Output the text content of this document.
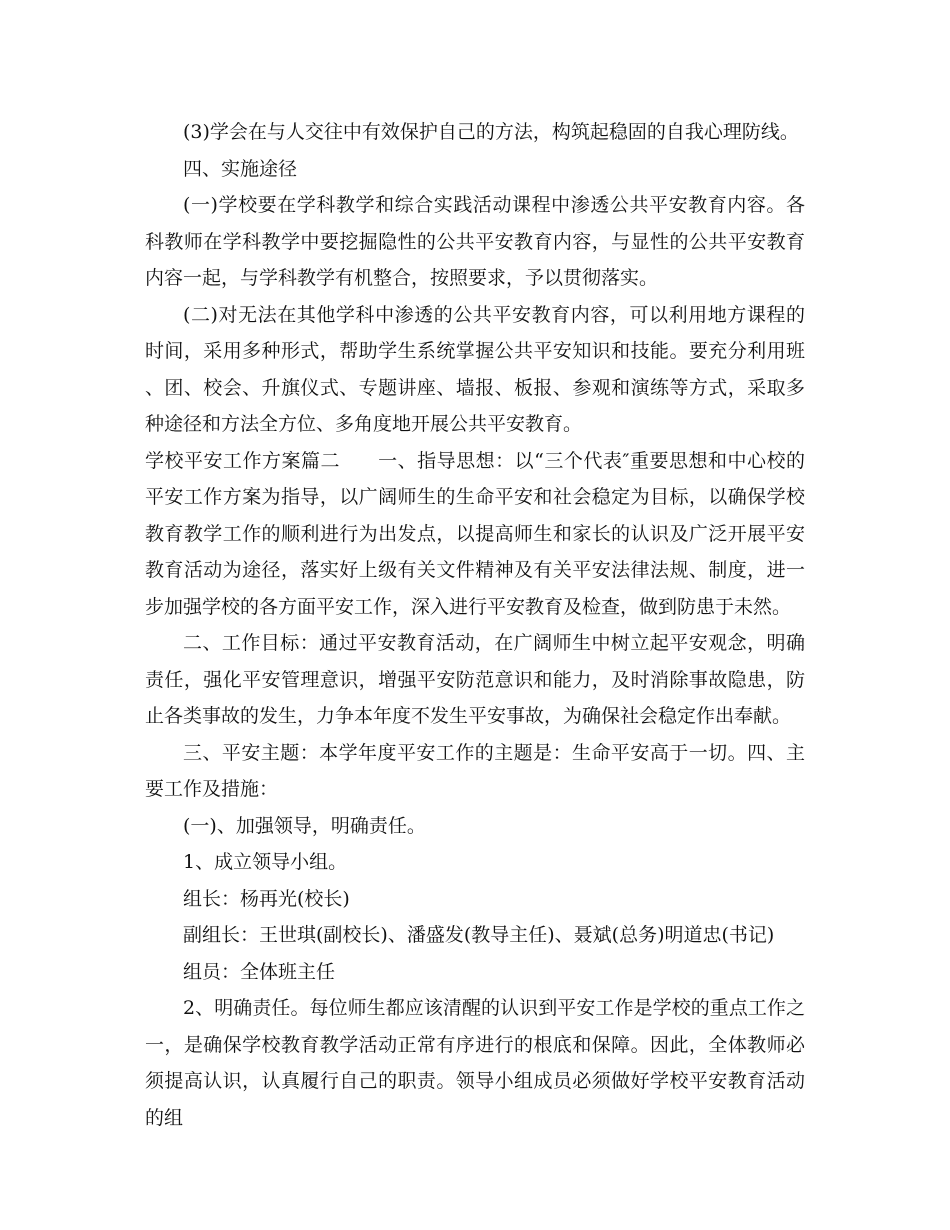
(3)学会在与人交往中有效保护自己的方法，构筑起稳固的自我心理防线。

四、实施途径

(一)学校要在学科教学和综合实践活动课程中渗透公共平安教育内容。各科教师在学科教学中要挖掘隐性的公共平安教育内容，与显性的公共平安教育内容一起，与学科教学有机整合，按照要求，予以贯彻落实。

(二)对无法在其他学科中渗透的公共平安教育内容，可以利用地方课程的时间，采用多种形式，帮助学生系统掌握公共平安知识和技能。要充分利用班、团、校会、升旗仪式、专题讲座、墙报、板报、参观和演练等方式，采取多种途径和方法全方位、多角度地开展公共平安教育。

学校平安工作方案篇二 一、指导思想：以“三个代表″重要思想和中心校的平安工作方案为指导，以广阔师生的生命平安和社会稳定为目标，以确保学校教育教学工作的顺利进行为出发点，以提高师生和家长的认识及广泛开展平安教育活动为途径，落实好上级有关文件精神及有关平安法律法规、制度，进一步加强学校的各方面平安工作，深入进行平安教育及检查，做到防患于未然。

二、工作目标：通过平安教育活动，在广阔师生中树立起平安观念，明确责任，强化平安管理意识，增强平安防范意识和能力，及时消除事故隐患，防止各类事故的发生，力争本年度不发生平安事故，为确保社会稳定作出奉献。

三、平安主题：本学年度平安工作的主题是：生命平安高于一切。四、主要工作及措施：

(一)、加强领导，明确责任。

1、成立领导小组。

组长：杨再光(校长)

副组长：王世琪(副校长)、潘盛发(教导主任)、聂斌(总务)明道忠(书记)

组员：全体班主任

2、明确责任。每位师生都应该清醒的认识到平安工作是学校的重点工作之一，是确保学校教育教学活动正常有序进行的根底和保障。因此，全体教师必须提高认识，认真履行自己的职责。领导小组成员必须做好学校平安教育活动的组
